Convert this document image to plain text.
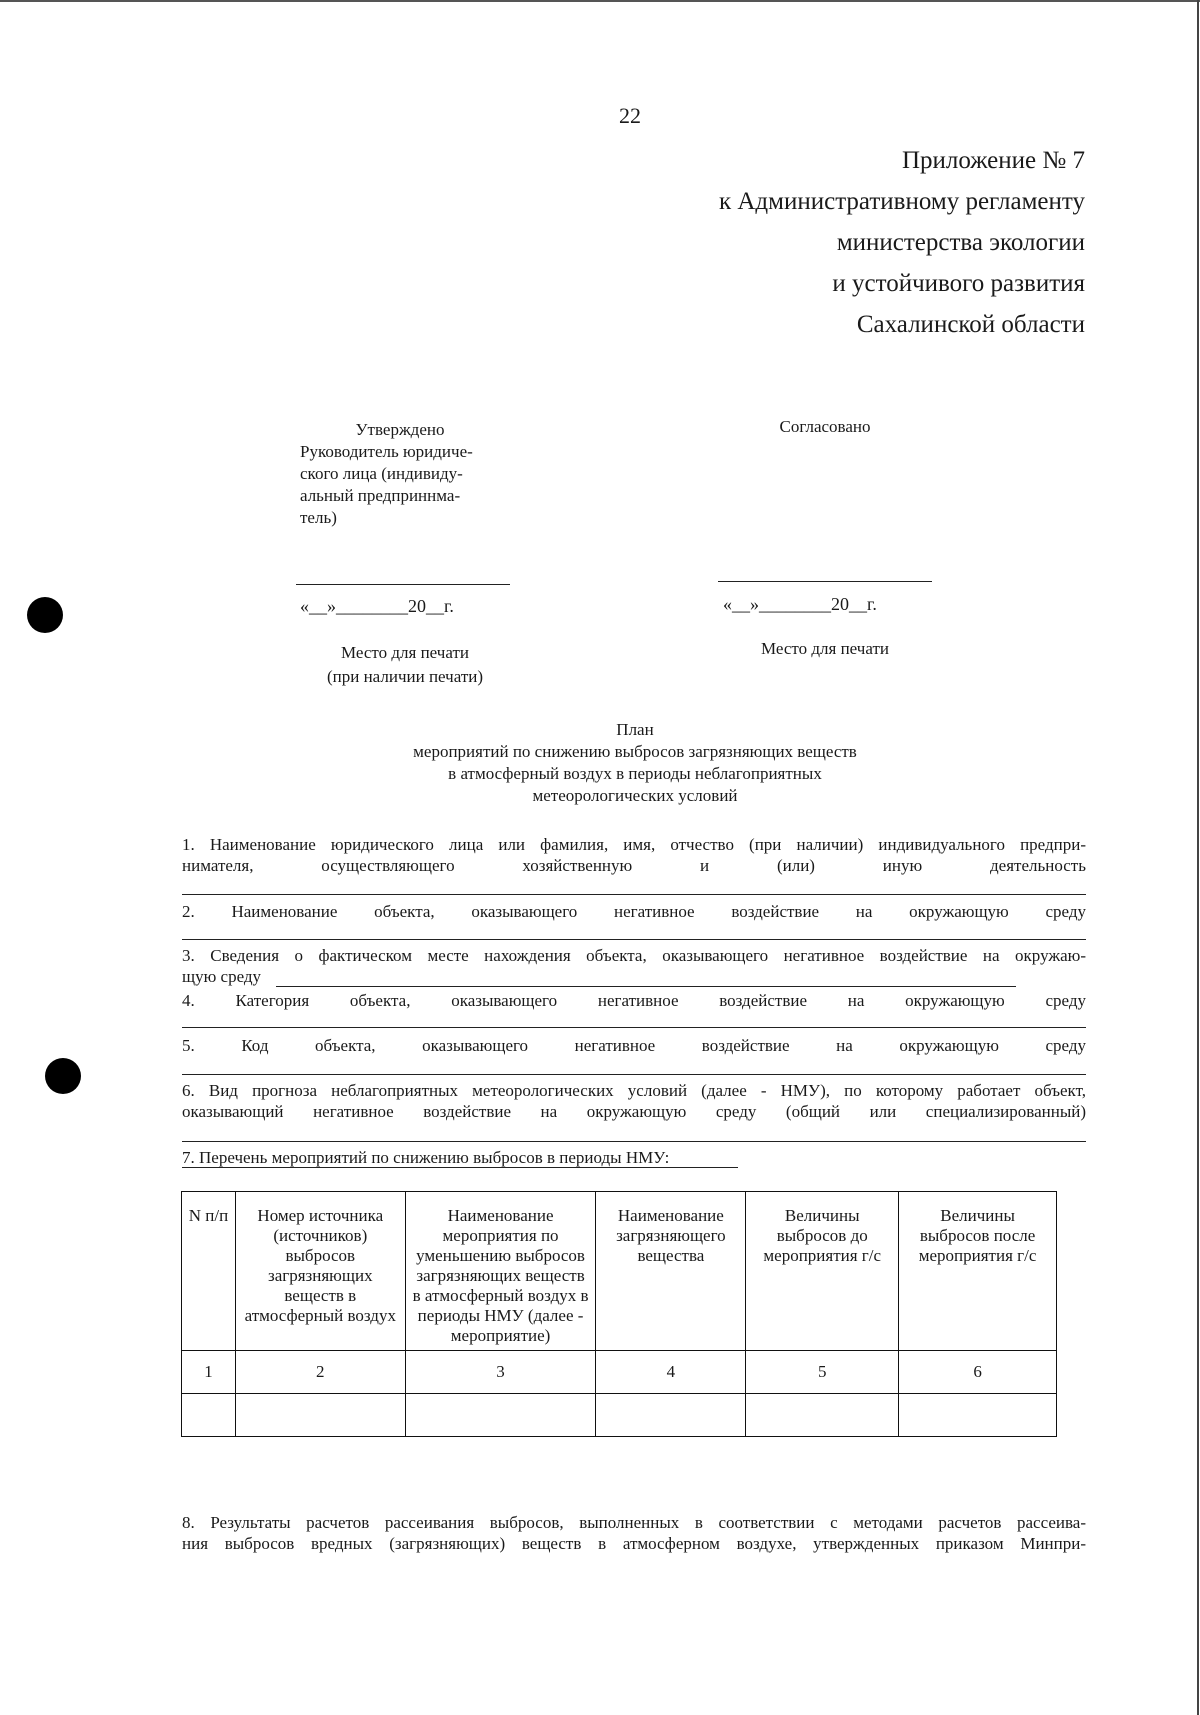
22
Приложение № 7
к Административному регламенту
министерства экологии
и устойчивого развития
Сахалинской области
Утверждено
Руководитель юридиче-
ского лица (индивиду-
альный предприннма-
тель)
«__»________20__г.
Место для печати
(при наличии печати)
Согласовано
«__»________20__г.
Место для печати
План
мероприятий по снижению выбросов загрязняющих веществ
в атмосферный воздух в периоды неблагоприятных
метеорологических условий
1. Наименование юридического лица или фамилия, имя, отчество (при наличии) индивидуального предпри-
нимателя, осуществляющего хозяйственную и (или) иную деятельность
2. Наименование объекта, оказывающего негативное воздействие на окружающую среду
3. Сведения о фактическом месте нахождения объекта, оказывающего негативное воздействие на окружаю-
щую среду
4. Категория объекта, оказывающего негативное воздействие на окружающую среду
5. Код объекта, оказывающего негативное воздействие на окружающую среду
6. Вид прогноза неблагоприятных метеорологических условий (далее - НМУ), по которому работает объект,
оказывающий негативное воздействие на окружающую среду (общий или специализированный)
7. Перечень мероприятий по снижению выбросов в периоды НМУ:
N п/п	Номер источника (источников) выбросов загрязняющих веществ в атмосферный воздух	Наименование мероприятия по уменьшению выбросов загрязняющих веществ в атмосферный воздух в периоды НМУ (далее - мероприятие)	Наименование загрязняющего вещества	Величины выбросов до мероприятия г/с	Величины выбросов после мероприятия г/с
1	2	3	4	5	6

8. Результаты расчетов рассеивания выбросов, выполненных в соответствии с методами расчетов рассеива-
ния выбросов вредных (загрязняющих) веществ в атмосферном воздухе, утвержденных приказом Минпри-
